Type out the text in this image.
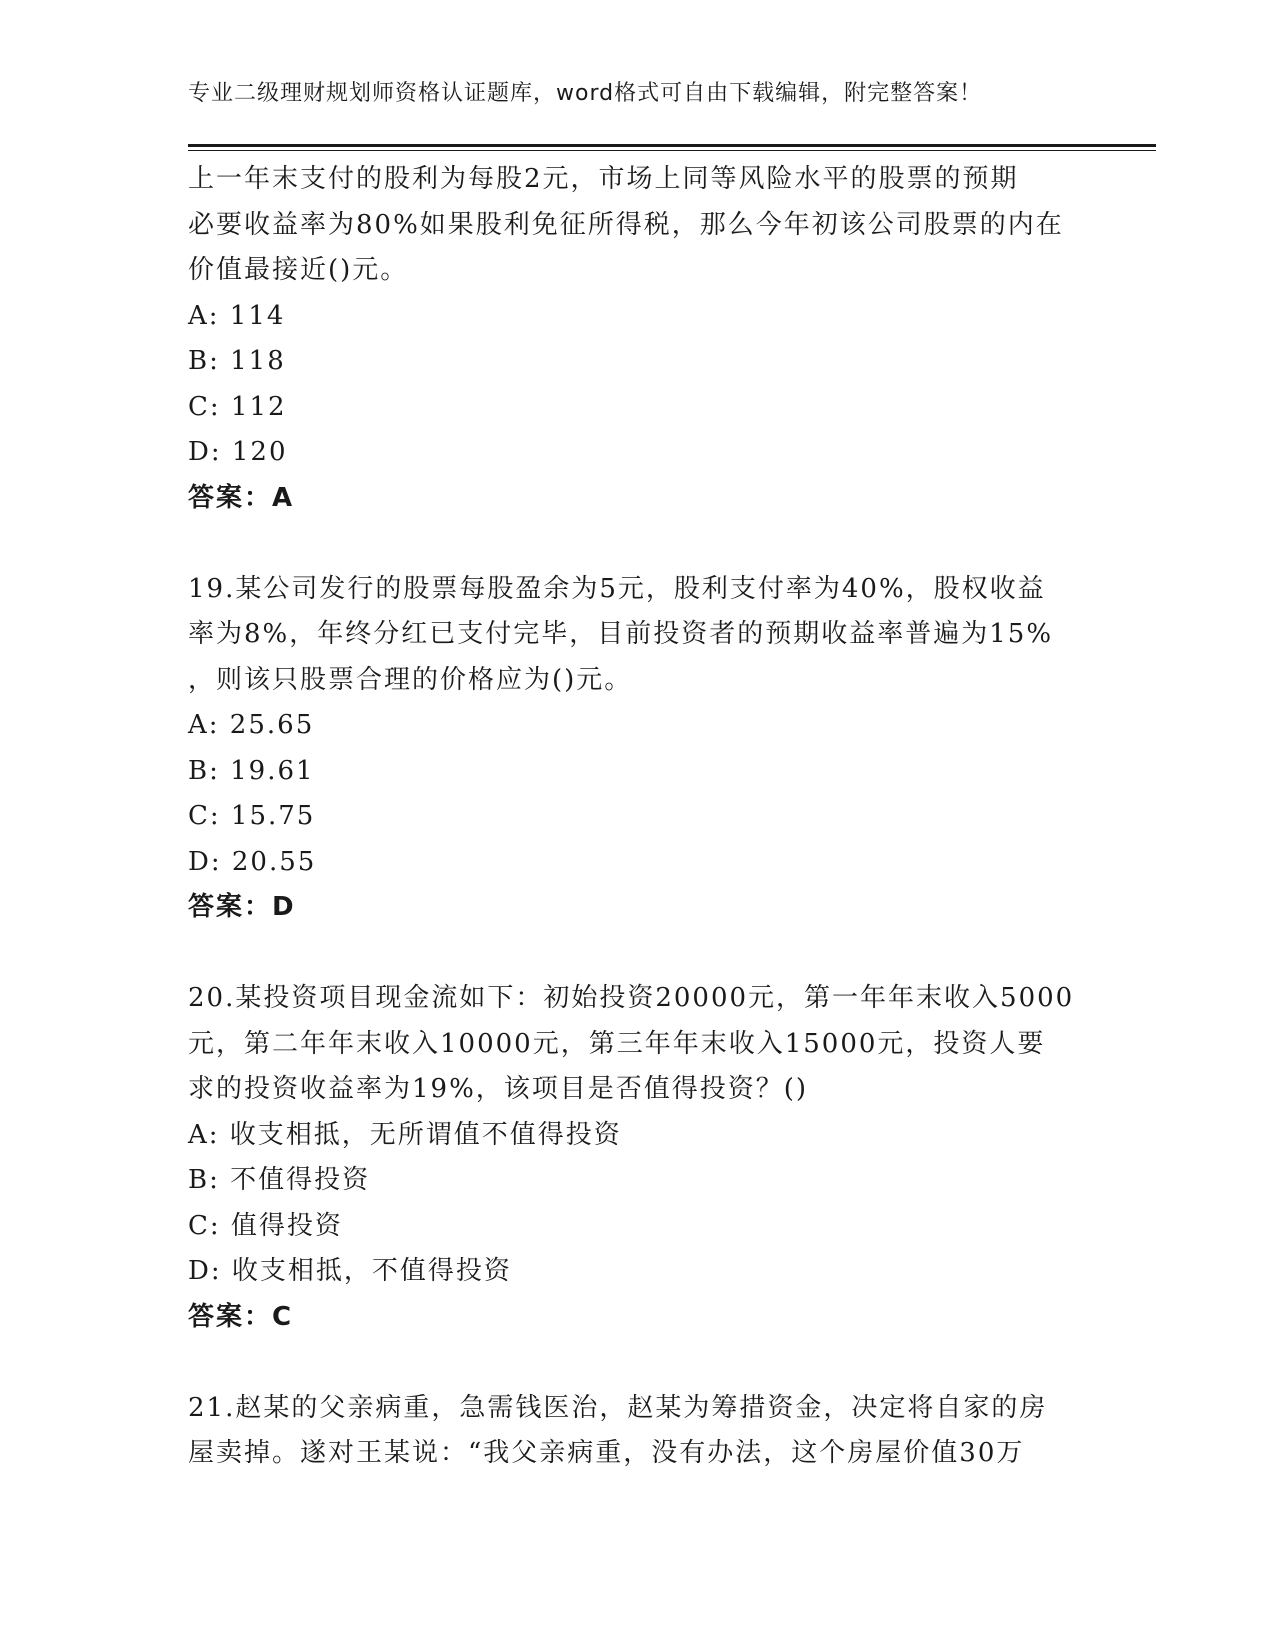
专业二级理财规划师资格认证题库，word格式可自由下载编辑，附完整答案！
上一年末支付的股利为每股2元，市场上同等风险水平的股票的预期
必要收益率为80%如果股利免征所得税，那么今年初该公司股票的内在
价值最接近()元。
A: 114
B: 118
C: 112
D: 120
答案：A
19.某公司发行的股票每股盈余为5元，股利支付率为40%，股权收益
率为8%，年终分红已支付完毕，目前投资者的预期收益率普遍为15%
，则该只股票合理的价格应为()元。
A: 25.65
B: 19.61
C: 15.75
D: 20.55
答案：D
20.某投资项目现金流如下：初始投资20000元，第一年年末收入5000
元，第二年年末收入10000元，第三年年末收入15000元，投资人要
求的投资收益率为19%，该项目是否值得投资？()
A: 收支相抵，无所谓值不值得投资
B: 不值得投资
C: 值得投资
D: 收支相抵，不值得投资
答案：C
21.赵某的父亲病重，急需钱医治，赵某为筹措资金，决定将自家的房
屋卖掉。遂对王某说：“我父亲病重，没有办法，这个房屋价值30万
